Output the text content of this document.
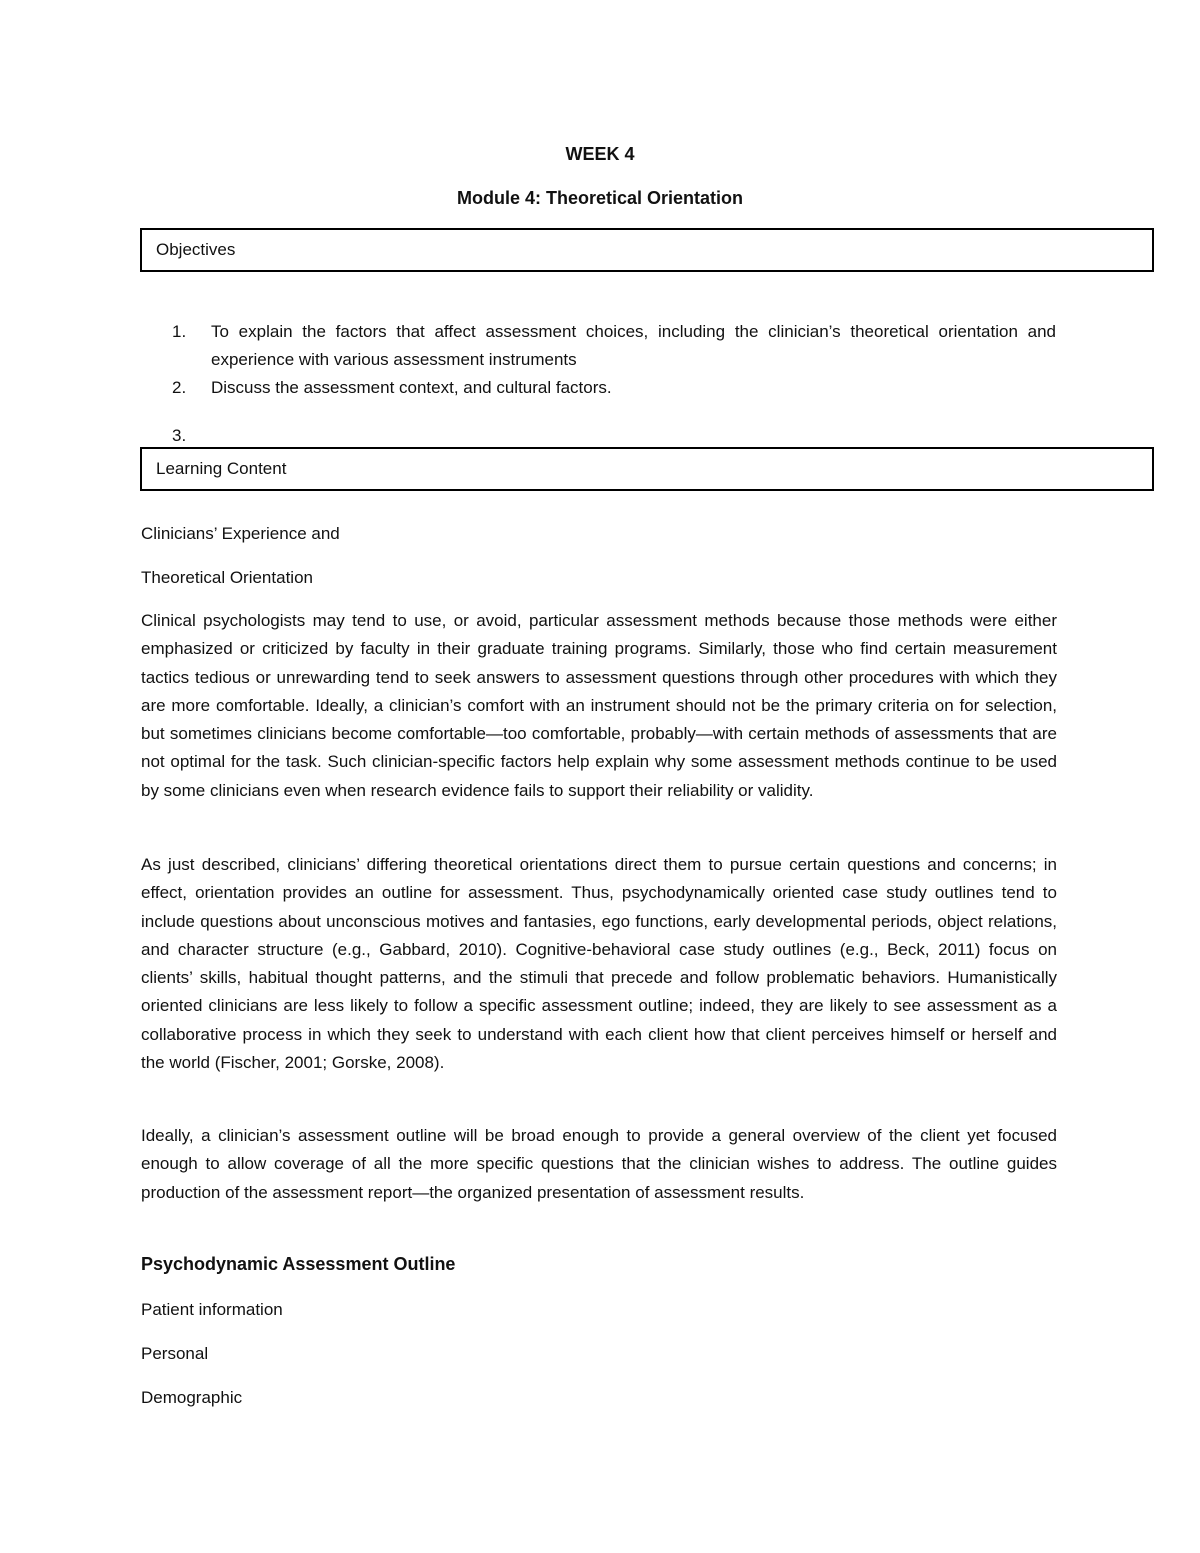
WEEK 4
Module 4: Theoretical Orientation
Objectives
1. To explain the factors that affect assessment choices, including the clinician’s theoretical orientation and experience with various assessment instruments
2. Discuss the assessment context, and cultural factors.
3.
Learning Content
Clinicians’ Experience and
Theoretical Orientation

Clinical psychologists may tend to use, or avoid, particular assessment methods because those methods were either emphasized or criticized by faculty in their graduate training programs. Similarly, those who find certain measurement tactics tedious or unrewarding tend to seek answers to assessment questions through other procedures with which they are more comfortable. Ideally, a clinician’s comfort with an instrument should not be the primary criteria on for selection, but sometimes clinicians become comfortable—too comfortable, probably—with certain methods of assessments that are not optimal for the task. Such clinician-specific factors help explain why some assessment methods continue to be used by some clinicians even when research evidence fails to support their reliability or validity.

As just described, clinicians’ differing theoretical orientations direct them to pursue certain questions and concerns; in effect, orientation provides an outline for assessment. Thus, psychodynamically oriented case study outlines tend to include questions about unconscious motives and fantasies, ego functions, early developmental periods, object relations, and character structure (e.g., Gabbard, 2010). Cognitive-behavioral case study outlines (e.g., Beck, 2011) focus on clients’ skills, habitual thought patterns, and the stimuli that precede and follow problematic behaviors. Humanistically oriented clinicians are less likely to follow a specific assessment outline; indeed, they are likely to see assessment as a collaborative process in which they seek to understand with each client how that client perceives himself or herself and the world (Fischer, 2001; Gorske, 2008).

Ideally, a clinician’s assessment outline will be broad enough to provide a general overview of the client yet focused enough to allow coverage of all the more specific questions that the clinician wishes to address. The outline guides production of the assessment report—the organized presentation of assessment results.

Psychodynamic Assessment Outline
Patient information
Personal
Demographic
